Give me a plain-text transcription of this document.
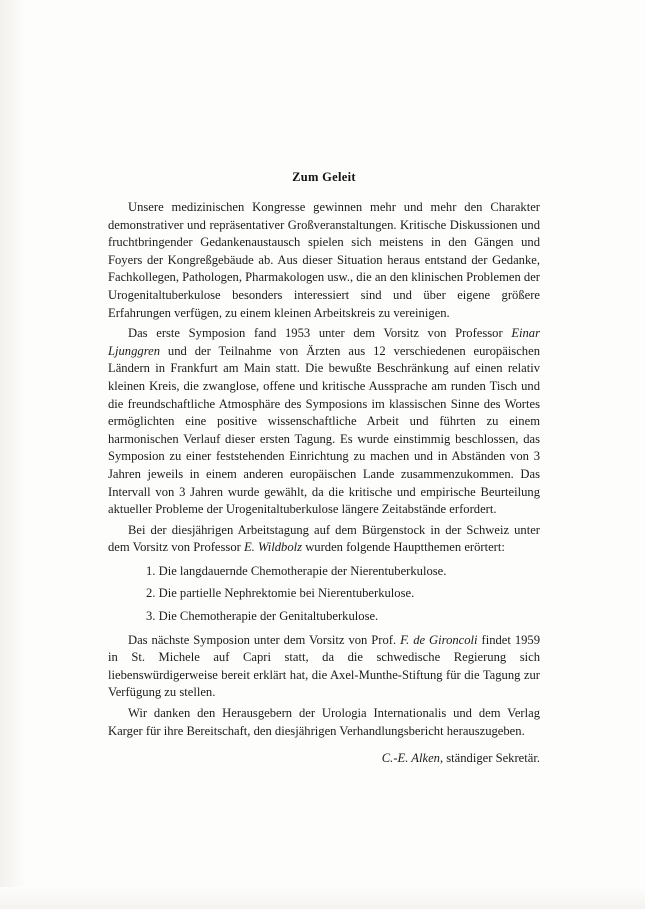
Zum Geleit

Unsere medizinischen Kongresse gewinnen mehr und mehr den Charakter demonstrativer und repräsentativer Großveranstaltungen. Kritische Diskussionen und fruchtbringender Gedankenaustausch spielen sich meistens in den Gängen und Foyers der Kongreßgebäude ab. Aus dieser Situation heraus entstand der Gedanke, Fachkollegen, Pathologen, Pharmakologen usw., die an den klinischen Problemen der Urogenitaltuberkulose besonders interessiert sind und über eigene größere Erfahrungen verfügen, zu einem kleinen Arbeitskreis zu vereinigen.

Das erste Symposion fand 1953 unter dem Vorsitz von Professor Einar Ljunggren und der Teilnahme von Ärzten aus 12 verschiedenen europäischen Ländern in Frankfurt am Main statt. Die bewußte Beschränkung auf einen relativ kleinen Kreis, die zwanglose, offene und kritische Aussprache am runden Tisch und die freundschaftliche Atmosphäre des Symposions im klassischen Sinne des Wortes ermöglichten eine positive wissenschaftliche Arbeit und führten zu einem harmonischen Verlauf dieser ersten Tagung. Es wurde einstimmig beschlossen, das Symposion zu einer feststehenden Einrichtung zu machen und in Abständen von 3 Jahren jeweils in einem anderen europäischen Lande zusammenzukommen. Das Intervall von 3 Jahren wurde gewählt, da die kritische und empirische Beurteilung aktueller Probleme der Urogenitaltuberkulose längere Zeitabstände erfordert.

Bei der diesjährigen Arbeitstagung auf dem Bürgenstock in der Schweiz unter dem Vorsitz von Professor E. Wildbolz wurden folgende Hauptthemen erörtert:

1. Die langdauernde Chemotherapie der Nierentuberkulose.
2. Die partielle Nephrektomie bei Nierentuberkulose.
3. Die Chemotherapie der Genitaltuberkulose.

Das nächste Symposion unter dem Vorsitz von Prof. F. de Gironcoli findet 1959 in St. Michele auf Capri statt, da die schwedische Regierung sich liebenswürdigerweise bereit erklärt hat, die Axel-Munthe-Stiftung für die Tagung zur Verfügung zu stellen.

Wir danken den Herausgebern der Urologia Internationalis und dem Verlag Karger für ihre Bereitschaft, den diesjährigen Verhandlungsbericht herauszugeben.

C.-E. Alken, ständiger Sekretär.
